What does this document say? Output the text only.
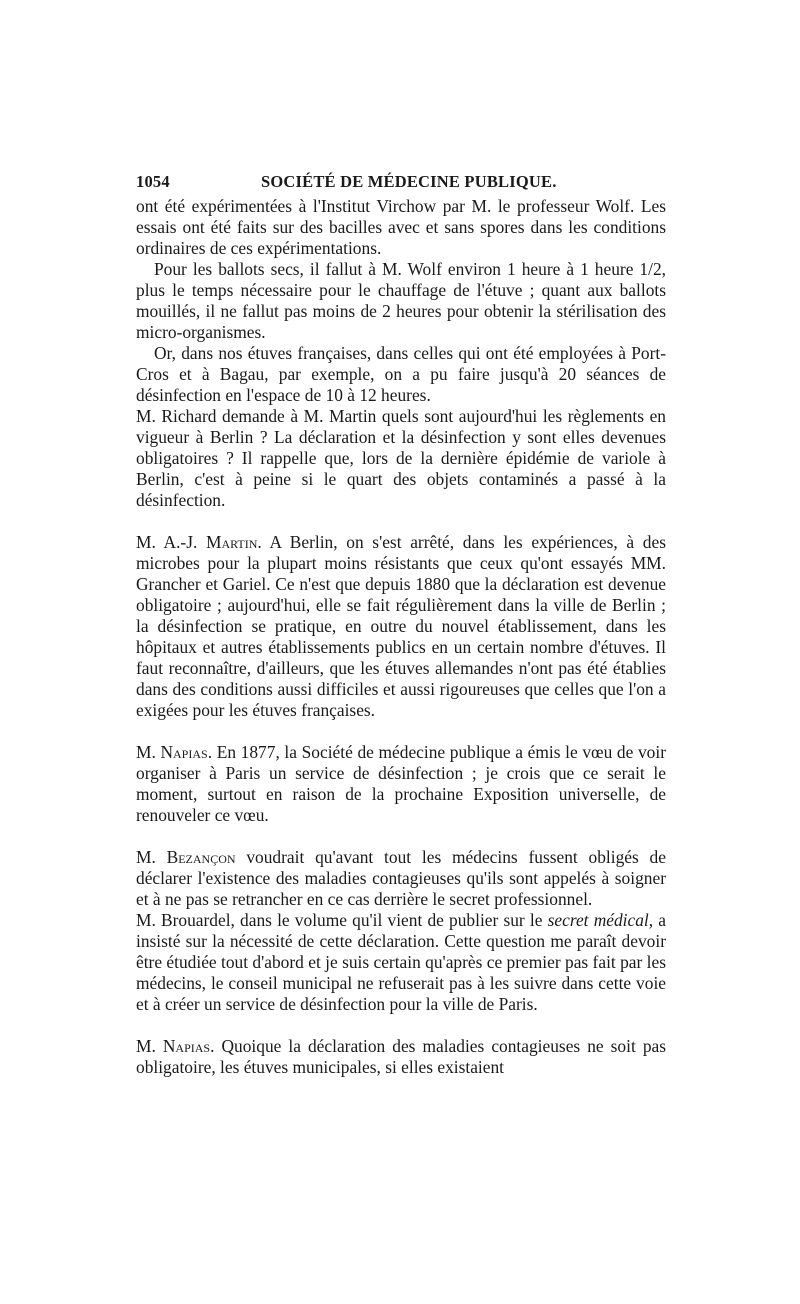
1054	SOCIÉTÉ DE MÉDECINE PUBLIQUE.

ont été expérimentées à l'Institut Virchow par M. le professeur Wolf. Les essais ont été faits sur des bacilles avec et sans spores dans les conditions ordinaires de ces expérimentations.

Pour les ballots secs, il fallut à M. Wolf environ 1 heure à 1 heure 1/2, plus le temps nécessaire pour le chauffage de l'étuve ; quant aux ballots mouillés, il ne fallut pas moins de 2 heures pour obtenir la stérilisation des micro-organismes.

Or, dans nos étuves françaises, dans celles qui ont été employées à Port-Cros et à Bagau, par exemple, on a pu faire jusqu'à 20 séances de désinfection en l'espace de 10 à 12 heures.

M. Richard demande à M. Martin quels sont aujourd'hui les règlements en vigueur à Berlin ? La déclaration et la désinfection y sont elles devenues obligatoires ? Il rappelle que, lors de la dernière épidémie de variole à Berlin, c'est à peine si le quart des objets contaminés a passé à la désinfection.

M. A.-J. Martin. A Berlin, on s'est arrêté, dans les expériences, à des microbes pour la plupart moins résistants que ceux qu'ont essayés MM. Grancher et Gariel. Ce n'est que depuis 1880 que la déclaration est devenue obligatoire ; aujourd'hui, elle se fait régulièrement dans la ville de Berlin ; la désinfection se pratique, en outre du nouvel établissement, dans les hôpitaux et autres établissements publics en un certain nombre d'étuves. Il faut reconnaître, d'ailleurs, que les étuves allemandes n'ont pas été établies dans des conditions aussi difficiles et aussi rigoureuses que celles que l'on a exigées pour les étuves françaises.

M. Napias. En 1877, la Société de médecine publique a émis le vœu de voir organiser à Paris un service de désinfection ; je crois que ce serait le moment, surtout en raison de la prochaine Exposition universelle, de renouveler ce vœu.

M. Bezançon voudrait qu'avant tout les médecins fussent obligés de déclarer l'existence des maladies contagieuses qu'ils sont appelés à soigner et à ne pas se retrancher en ce cas derrière le secret professionnel.

M. Brouardel, dans le volume qu'il vient de publier sur le secret médical, a insisté sur la nécessité de cette déclaration. Cette question me paraît devoir être étudiée tout d'abord et je suis certain qu'après ce premier pas fait par les médecins, le conseil municipal ne refuserait pas à les suivre dans cette voie et à créer un service de désinfection pour la ville de Paris.

M. Napias. Quoique la déclaration des maladies contagieuses ne soit pas obligatoire, les étuves municipales, si elles existaient
